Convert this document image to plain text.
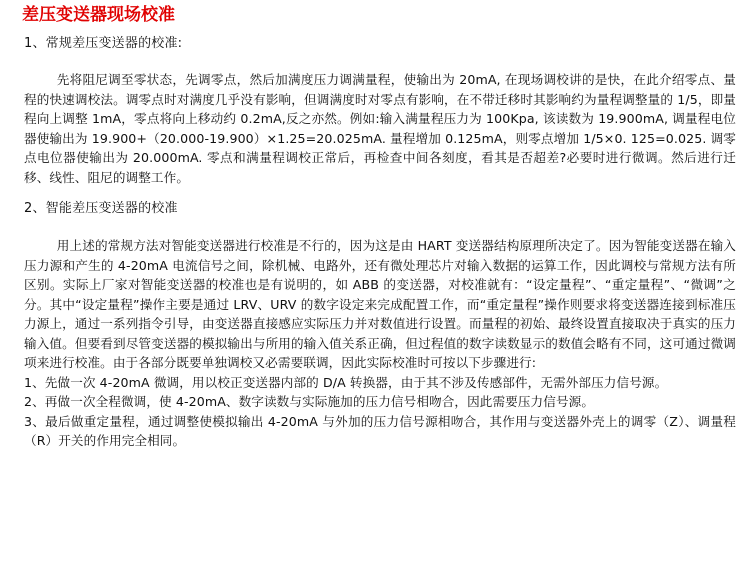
差压变送器现场校准
1、常规差压变送器的校准:

先将阻尼调至零状态，先调零点，然后加满度压力调满量程，使输出为 20mA, 在现场调校讲的是快，在此介绍零点、量程的快速调校法。调零点时对满度几乎没有影响，但调满度时对零点有影响，在不带迁移时其影响约为量程调整量的 1/5，即量程向上调整 1mA，零点将向上移动约 0.2mA,反之亦然。例如:输入满量程压力为 100Kpa, 该读数为 19.900mA, 调量程电位器使输出为 19.900+（20.000-19.900）×1.25=20.025mA. 量程增加 0.125mA，则零点增加 1/5×0. 125=0.025. 调零点电位器使输出为 20.000mA. 零点和满量程调校正常后，再检查中间各刻度，看其是否超差?必要时进行微调。然后进行迁移、线性、阻尼的调整工作。

2、智能差压变送器的校准

用上述的常规方法对智能变送器进行校准是不行的，因为这是由 HART 变送器结构原理所决定了。因为智能变送器在输入压力源和产生的 4-20mA 电流信号之间，除机械、电路外，还有微处理芯片对输入数据的运算工作，因此调校与常规方法有所区别。实际上厂家对智能变送器的校准也是有说明的，如 ABB 的变送器，对校准就有：“设定量程”、“重定量程”、“微调”之分。其中“设定量程”操作主要是通过 LRV、URV 的数字设定来完成配置工作，而“重定量程”操作则要求将变送器连接到标准压力源上，通过一系列指令引导，由变送器直接感应实际压力并对数值进行设置。而量程的初始、最终设置直接取决于真实的压力输入值。但要看到尽管变送器的模拟输出与所用的输入值关系正确，但过程值的数字读数显示的数值会略有不同，这可通过微调项来进行校准。由于各部分既要单独调校又必需要联调，因此实际校准时可按以下步骤进行:

1、先做一次 4-20mA 微调，用以校正变送器内部的 D/A 转换器，由于其不涉及传感部件，无需外部压力信号源。

2、再做一次全程微调，使 4-20mA、数字读数与实际施加的压力信号相吻合，因此需要压力信号源。

3、最后做重定量程，通过调整使模拟输出 4-20mA 与外加的压力信号源相吻合，其作用与变送器外壳上的调零（Z）、调量程（R）开关的作用完全相同。
